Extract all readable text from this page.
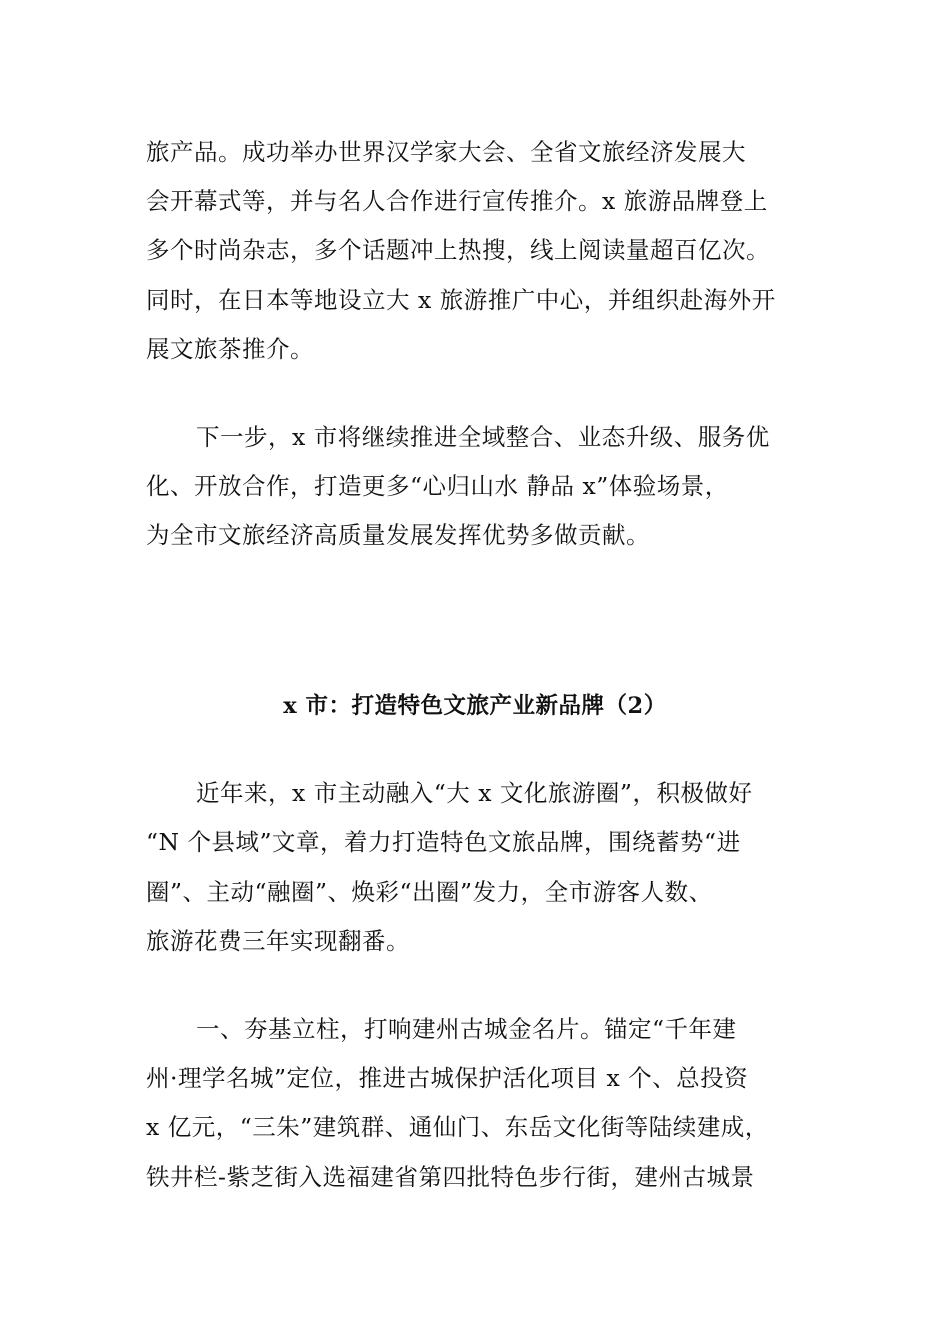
旅产品。成功举办世界汉学家大会、全省文旅经济发展大
会开幕式等，并与名人合作进行宣传推介。x 旅游品牌登上
多个时尚杂志，多个话题冲上热搜，线上阅读量超百亿次。
同时，在日本等地设立大 x 旅游推广中心，并组织赴海外开
展文旅茶推介。
下一步，x 市将继续推进全域整合、业态升级、服务优
化、开放合作，打造更多“心归山水 静品 x”体验场景，
为全市文旅经济高质量发展发挥优势多做贡献。
x 市：打造特色文旅产业新品牌（2）
近年来，x 市主动融入“大 x 文化旅游圈”，积极做好
“N 个县域”文章，着力打造特色文旅品牌，围绕蓄势“进
圈”、主动“融圈”、焕彩“出圈”发力，全市游客人数、
旅游花费三年实现翻番。
一、夯基立柱，打响建州古城金名片。锚定“千年建
州·理学名城”定位，推进古城保护活化项目 x 个、总投资
x 亿元，“三朱”建筑群、通仙门、东岳文化街等陆续建成，
铁井栏-紫芝街入选福建省第四批特色步行街，建州古城景
